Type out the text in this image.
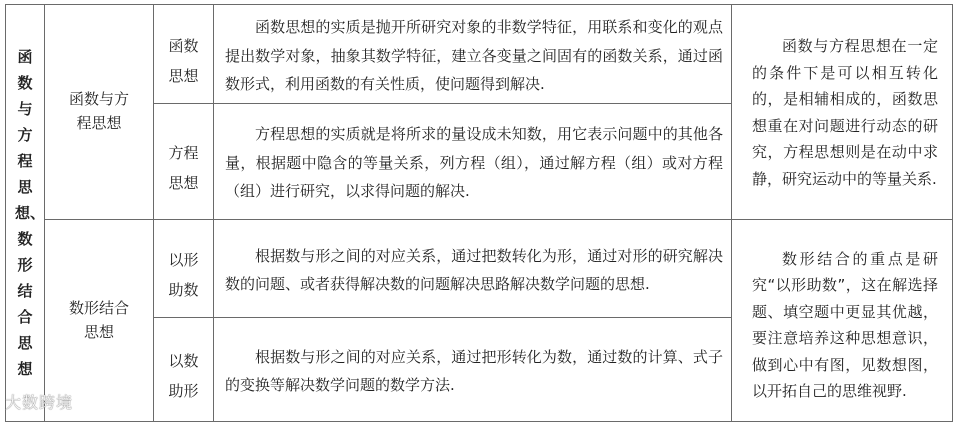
函数与方程思想、数形结合思想	函数与方程思想	函数思想	函数思想的实质是抛开所研究对象的非数学特征，用联系和变化的观点提出数学对象，抽象其数学特征，建立各变量之间固有的函数关系，通过函数形式，利用函数的有关性质，使问题得到解决.	函数与方程思想在一定的条件下是可以相互转化的，是相辅相成的，函数思想重在对问题进行动态的研究，方程思想则是在动中求静，研究运动中的等量关系.

		方程思想	方程思想的实质就是将所求的量设成未知数，用它表示问题中的其他各量，根据题中隐含的等量关系，列方程（组），通过解方程（组）或对方程（组）进行研究，以求得问题的解决.	

	数形结合思想	以形助数	根据数与形之间的对应关系，通过把数转化为形，通过对形的研究解决数的问题、或者获得解决数的问题解决思路解决数学问题的思想.	数形结合的重点是研究“以形助数”，这在解选择题、填空题中更显其优越，要注意培养这种思想意识，做到心中有图，见数想图，以开拓自己的思维视野.

		以数助形	根据数与形之间的对应关系，通过把形转化为数，通过数的计算、式子的变换等解决数学问题的数学方法.	

大数跨境
